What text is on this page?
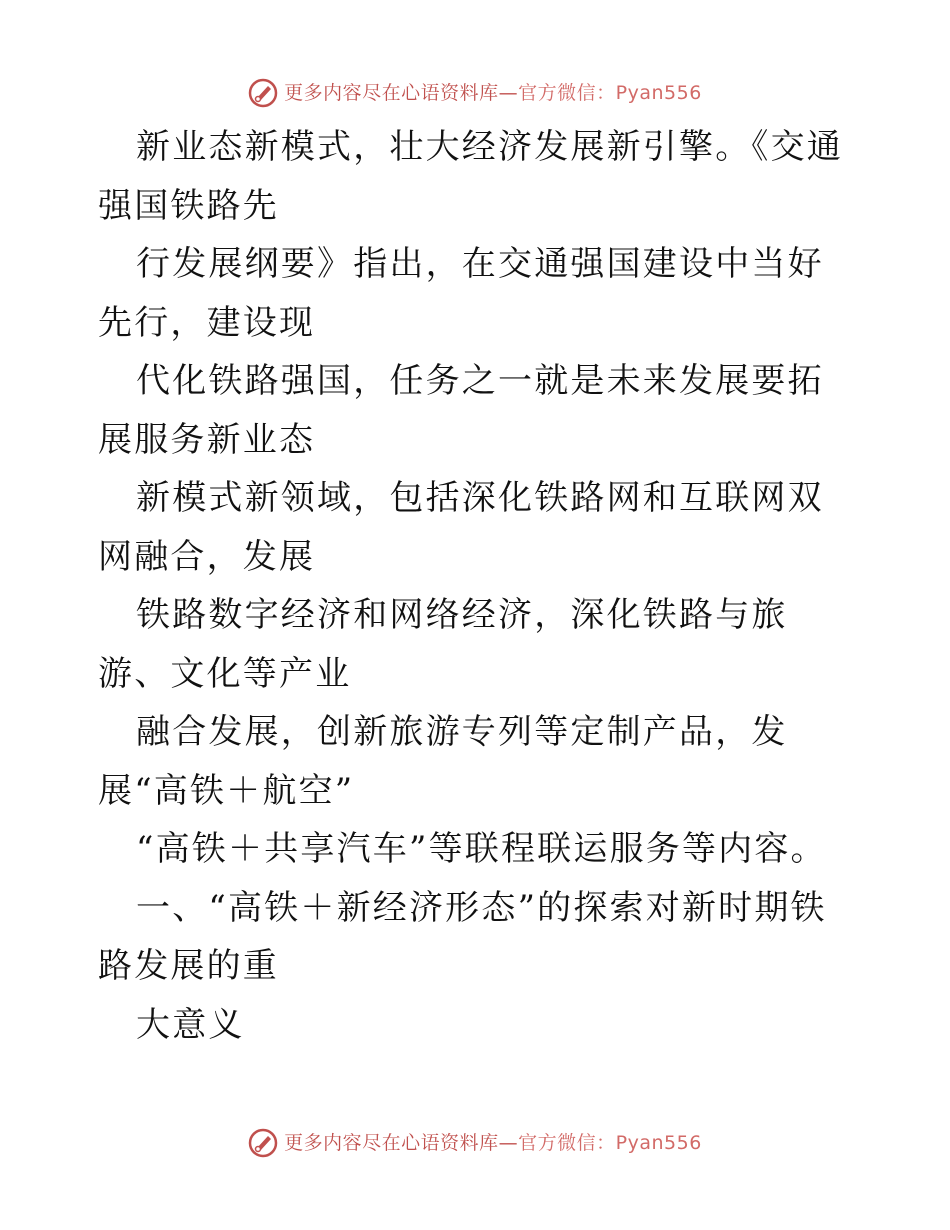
更多内容尽在心语资料库—官方微信：Pyan556

新业态新模式，壮大经济发展新引擎。《交通强国铁路先

行发展纲要》指出，在交通强国建设中当好先行，建设现

代化铁路强国，任务之一就是未来发展要拓展服务新业态

新模式新领域，包括深化铁路网和互联网双网融合，发展

铁路数字经济和网络经济，深化铁路与旅游、文化等产业

融合发展，创新旅游专列等定制产品，发展“高铁＋航空”

“高铁＋共享汽车”等联程联运服务等内容。

一、“高铁＋新经济形态”的探索对新时期铁路发展的重

大意义

更多内容尽在心语资料库—官方微信：Pyan556
